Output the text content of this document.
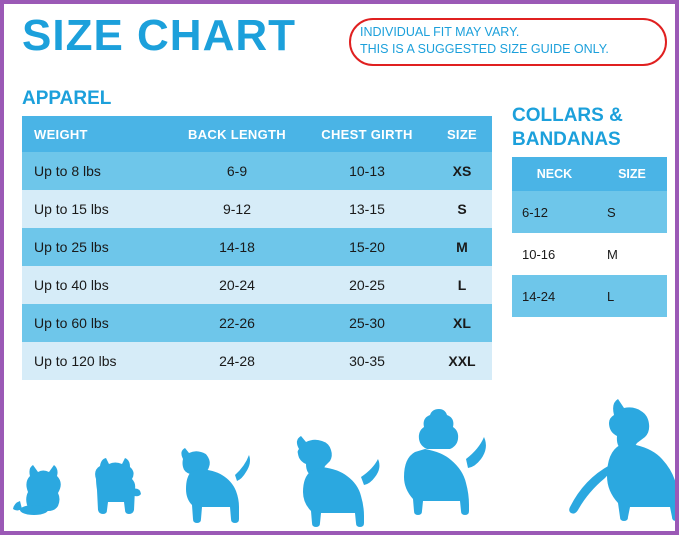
SIZE CHART	INDIVIDUAL FIT MAY VARY.
THIS IS A SUGGESTED SIZE GUIDE ONLY.
APPAREL
WEIGHT	BACK LENGTH	CHEST GIRTH	SIZE
Up to 8 lbs	6-9	10-13	XS
Up to 15 lbs	9-12	13-15	S
Up to 25 lbs	14-18	15-20	M
Up to 40 lbs	20-24	20-25	L
Up to 60 lbs	22-26	25-30	XL
Up to 120 lbs	24-28	30-35	XXL
COLLARS &
BANDANAS
NECK	SIZE
6-12	S
10-16	M
14-24	L
